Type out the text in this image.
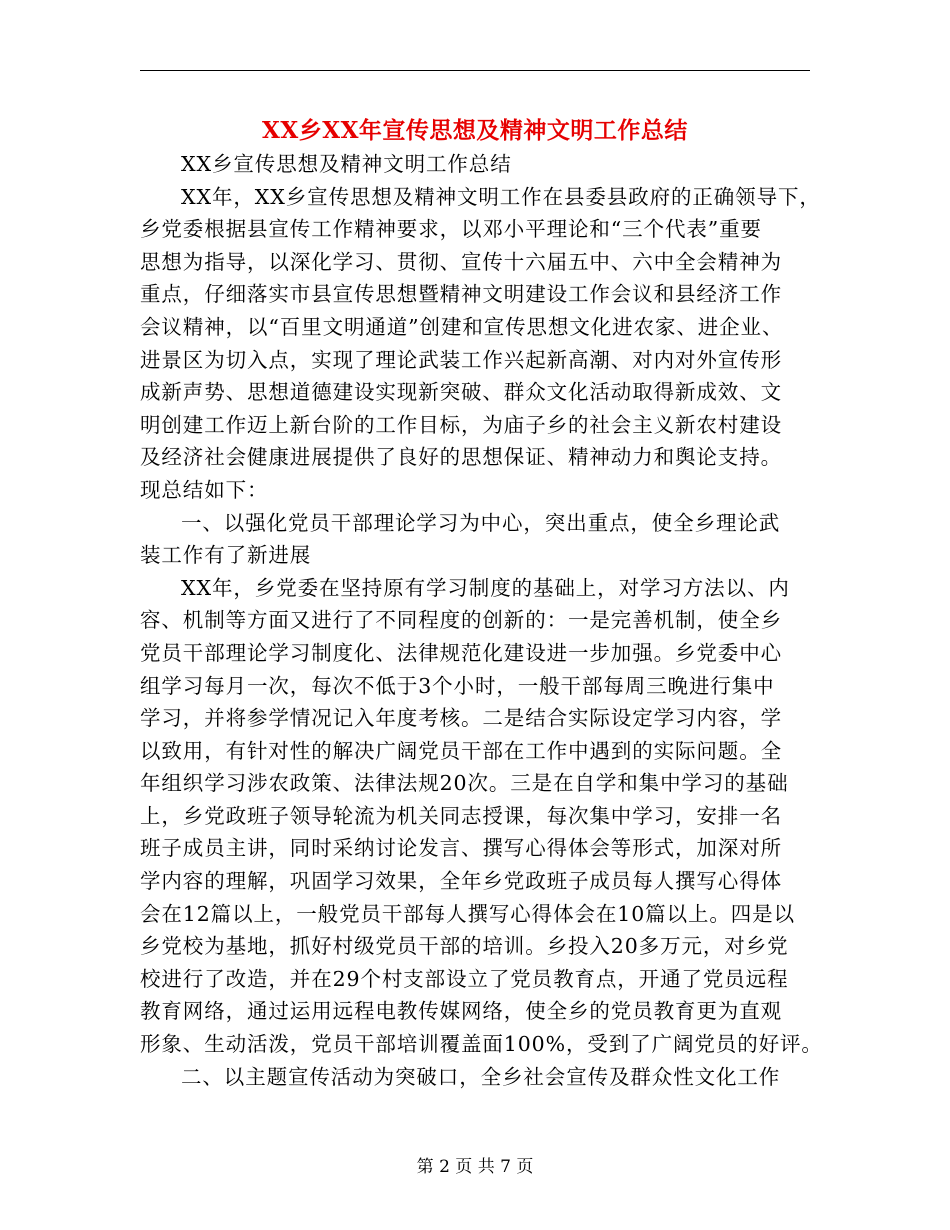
XX乡XX年宣传思想及精神文明工作总结
XX乡宣传思想及精神文明工作总结
XX年，XX乡宣传思想及精神文明工作在县委县政府的正确领导下，
乡党委根据县宣传工作精神要求，以邓小平理论和“三个代表”重要
思想为指导，以深化学习、贯彻、宣传十六届五中、六中全会精神为
重点，仔细落实市县宣传思想暨精神文明建设工作会议和县经济工作
会议精神，以“百里文明通道”创建和宣传思想文化进农家、进企业、
进景区为切入点，实现了理论武装工作兴起新高潮、对内对外宣传形
成新声势、思想道德建设实现新突破、群众文化活动取得新成效、文
明创建工作迈上新台阶的工作目标，为庙子乡的社会主义新农村建设
及经济社会健康进展提供了良好的思想保证、精神动力和舆论支持。
现总结如下：
一、以强化党员干部理论学习为中心，突出重点，使全乡理论武
装工作有了新进展
XX年，乡党委在坚持原有学习制度的基础上，对学习方法以、内
容、机制等方面又进行了不同程度的创新的：一是完善机制，使全乡
党员干部理论学习制度化、法律规范化建设进一步加强。乡党委中心
组学习每月一次，每次不低于3个小时，一般干部每周三晚进行集中
学习，并将参学情况记入年度考核。二是结合实际设定学习内容，学
以致用，有针对性的解决广阔党员干部在工作中遇到的实际问题。全
年组织学习涉农政策、法律法规20次。三是在自学和集中学习的基础
上，乡党政班子领导轮流为机关同志授课，每次集中学习，安排一名
班子成员主讲，同时采纳讨论发言、撰写心得体会等形式，加深对所
学内容的理解，巩固学习效果，全年乡党政班子成员每人撰写心得体
会在12篇以上，一般党员干部每人撰写心得体会在10篇以上。四是以
乡党校为基地，抓好村级党员干部的培训。乡投入20多万元，对乡党
校进行了改造，并在29个村支部设立了党员教育点，开通了党员远程
教育网络，通过运用远程电教传媒网络，使全乡的党员教育更为直观
形象、生动活泼，党员干部培训覆盖面100%，受到了广阔党员的好评。
二、以主题宣传活动为突破口，全乡社会宣传及群众性文化工作
第 2 页 共 7 页
